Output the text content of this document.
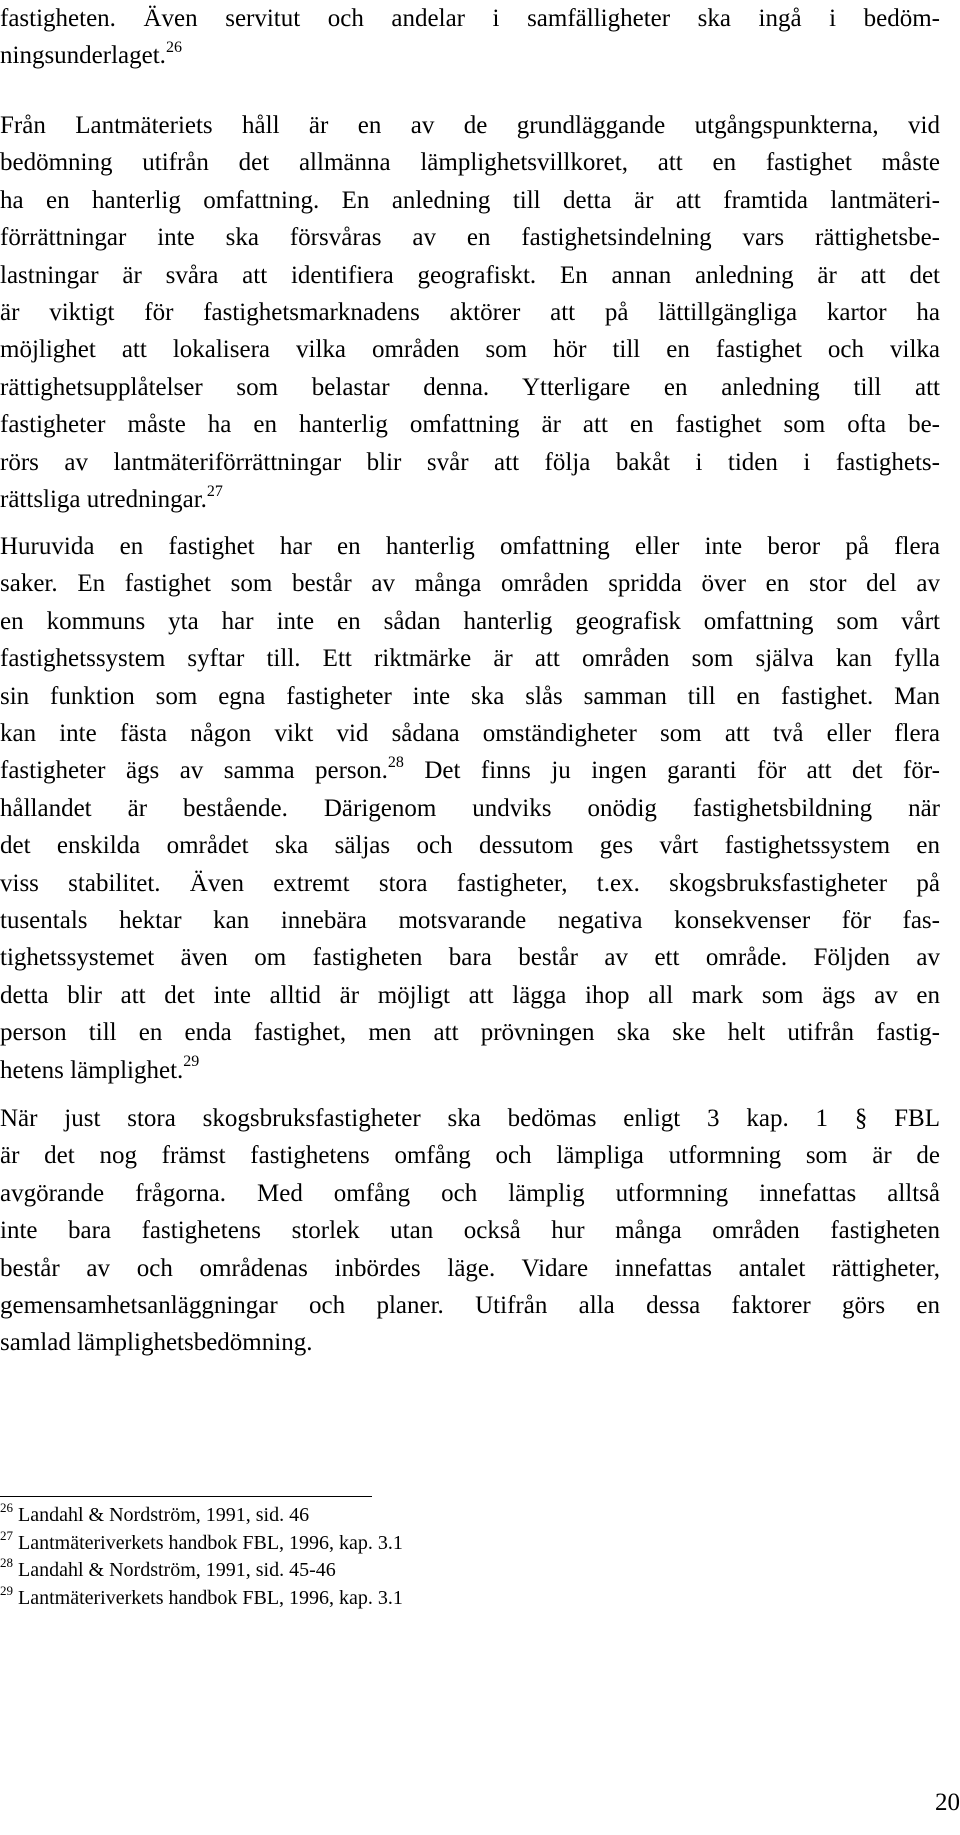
fastigheten. Även servitut och andelar i samfälligheter ska ingå i bedöm-
ningsunderlaget.$^{26}$

Från Lantmäteriets håll är en av de grundläggande utgångspunkterna, vid
bedömning utifrån det allmänna lämplighetsvillkoret, att en fastighet måste
ha en hanterlig omfattning. En anledning till detta är att framtida lantmäteri-
förrättningar inte ska försvåras av en fastighetsindelning vars rättighetsbe-
lastningar är svåra att identifiera geografiskt. En annan anledning är att det
är viktigt för fastighetsmarknadens aktörer att på lättillgängliga kartor ha
möjlighet att lokalisera vilka områden som hör till en fastighet och vilka
rättighetsupplåtelser som belastar denna. Ytterligare en anledning till att
fastigheter måste ha en hanterlig omfattning är att en fastighet som ofta be-
rörs av lantmäteriförrättningar blir svår att följa bakåt i tiden i fastighets-
rättsliga utredningar.$^{27}$

Huruvida en fastighet har en hanterlig omfattning eller inte beror på flera
saker. En fastighet som består av många områden spridda över en stor del av
en kommuns yta har inte en sådan hanterlig geografisk omfattning som vårt
fastighetssystem syftar till. Ett riktmärke är att områden som själva kan fylla
sin funktion som egna fastigheter inte ska slås samman till en fastighet. Man
kan inte fästa någon vikt vid sådana omständigheter som att två eller flera
fastigheter ägs av samma person.$^{28}$ Det finns ju ingen garanti för att det för-
hållandet är bestående. Därigenom undviks onödig fastighetsbildning när
det enskilda området ska säljas och dessutom ges vårt fastighetssystem en
viss stabilitet. Även extremt stora fastigheter, t.ex. skogsbruksfastigheter på
tusentals hektar kan innebära motsvarande negativa konsekvenser för fas-
tighetssystemet även om fastigheten bara består av ett område. Följden av
detta blir att det inte alltid är möjligt att lägga ihop all mark som ägs av en
person till en enda fastighet, men att prövningen ska ske helt utifrån fastig-
hetens lämplighet.$^{29}$

När just stora skogsbruksfastigheter ska bedömas enligt 3 kap. 1 § FBL
är det nog främst fastighetens omfång och lämpliga utformning som är de
avgörande frågorna. Med omfång och lämplig utformning innefattas alltså
inte bara fastighetens storlek utan också hur många områden fastigheten
består av och områdenas inbördes läge. Vidare innefattas antalet rättigheter,
gemensamhetsanläggningar och planer. Utifrån alla dessa faktorer görs en
samlad lämplighetsbedömning.

$^{26}$ Landahl & Nordström, 1991, sid. 46
$^{27}$ Lantmäteriverkets handbok FBL, 1996, kap. 3.1
$^{28}$ Landahl & Nordström, 1991, sid. 45-46
$^{29}$ Lantmäteriverkets handbok FBL, 1996, kap. 3.1
20
